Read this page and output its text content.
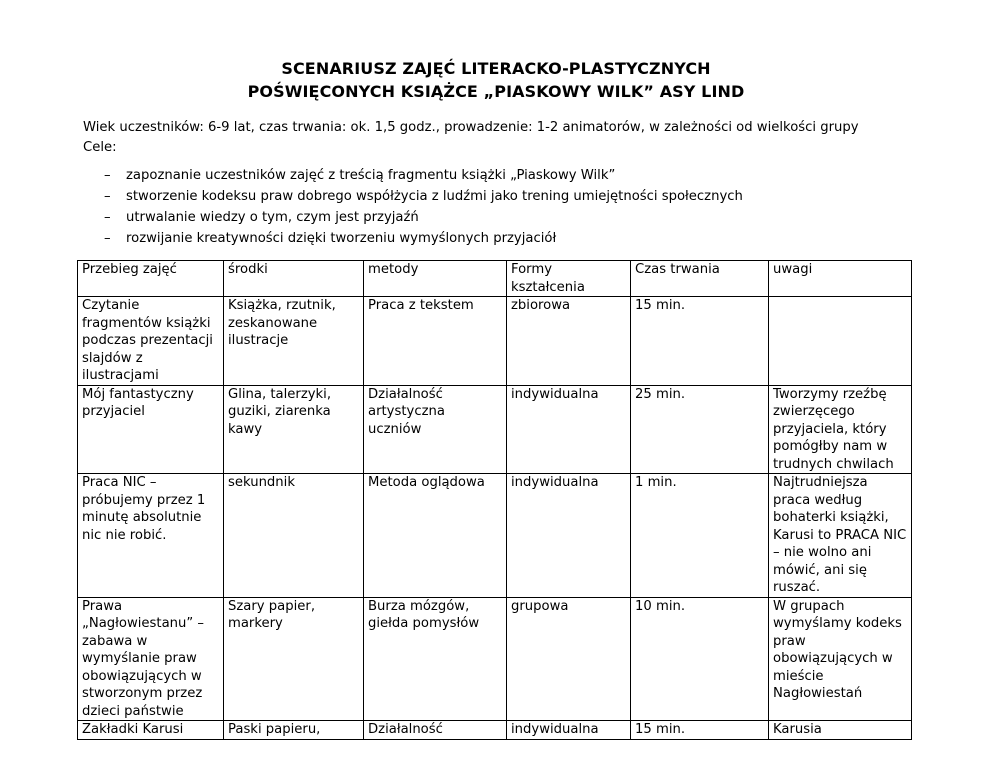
SCENARIUSZ ZAJĘĆ LITERACKO-PLASTYCZNYCH
POŚWIĘCONYCH KSIĄŻCE „PIASKOWY WILK” ASY LIND
Wiek uczestników: 6-9 lat, czas trwania: ok. 1,5 godz., prowadzenie: 1-2 animatorów, w zależności od wielkości grupy
Cele:
– zapoznanie uczestników zajęć z treścią fragmentu książki „Piaskowy Wilk”
– stworzenie kodeksu praw dobrego współżycia z ludźmi jako trening umiejętności społecznych
– utrwalanie wiedzy o tym, czym jest przyjaźń
– rozwijanie kreatywności dzięki tworzeniu wymyślonych przyjaciół
Przebieg zajęć	środki	metody	Formy kształcenia	Czas trwania	uwagi
Czytanie fragmentów książki podczas prezentacji slajdów z ilustracjami	Książka, rzutnik, zeskanowane ilustracje	Praca z tekstem	zbiorowa	15 min.	
Mój fantastyczny przyjaciel	Glina, talerzyki, guziki, ziarenka kawy	Działalność artystyczna uczniów	indywidualna	25 min.	Tworzymy rzeźbę zwierzęcego przyjaciela, który pomógłby nam w trudnych chwilach
Praca NIC – próbujemy przez 1 minutę absolutnie nic nie robić.	sekundnik	Metoda oglądowa	indywidualna	1 min.	Najtrudniejsza praca według bohaterki książki, Karusi to PRACA NIC – nie wolno ani mówić, ani się ruszać.
Prawa „Nagłowiestanu” – zabawa w wymyślanie praw obowiązujących w stworzonym przez dzieci państwie	Szary papier, markery	Burza mózgów, giełda pomysłów	grupowa	10 min.	W grupach wymyślamy kodeks praw obowiązujących w mieście Nagłowiestań
Zakładki Karusi	Paski papieru,	Działalność	indywidualna	15 min.	Karusia
